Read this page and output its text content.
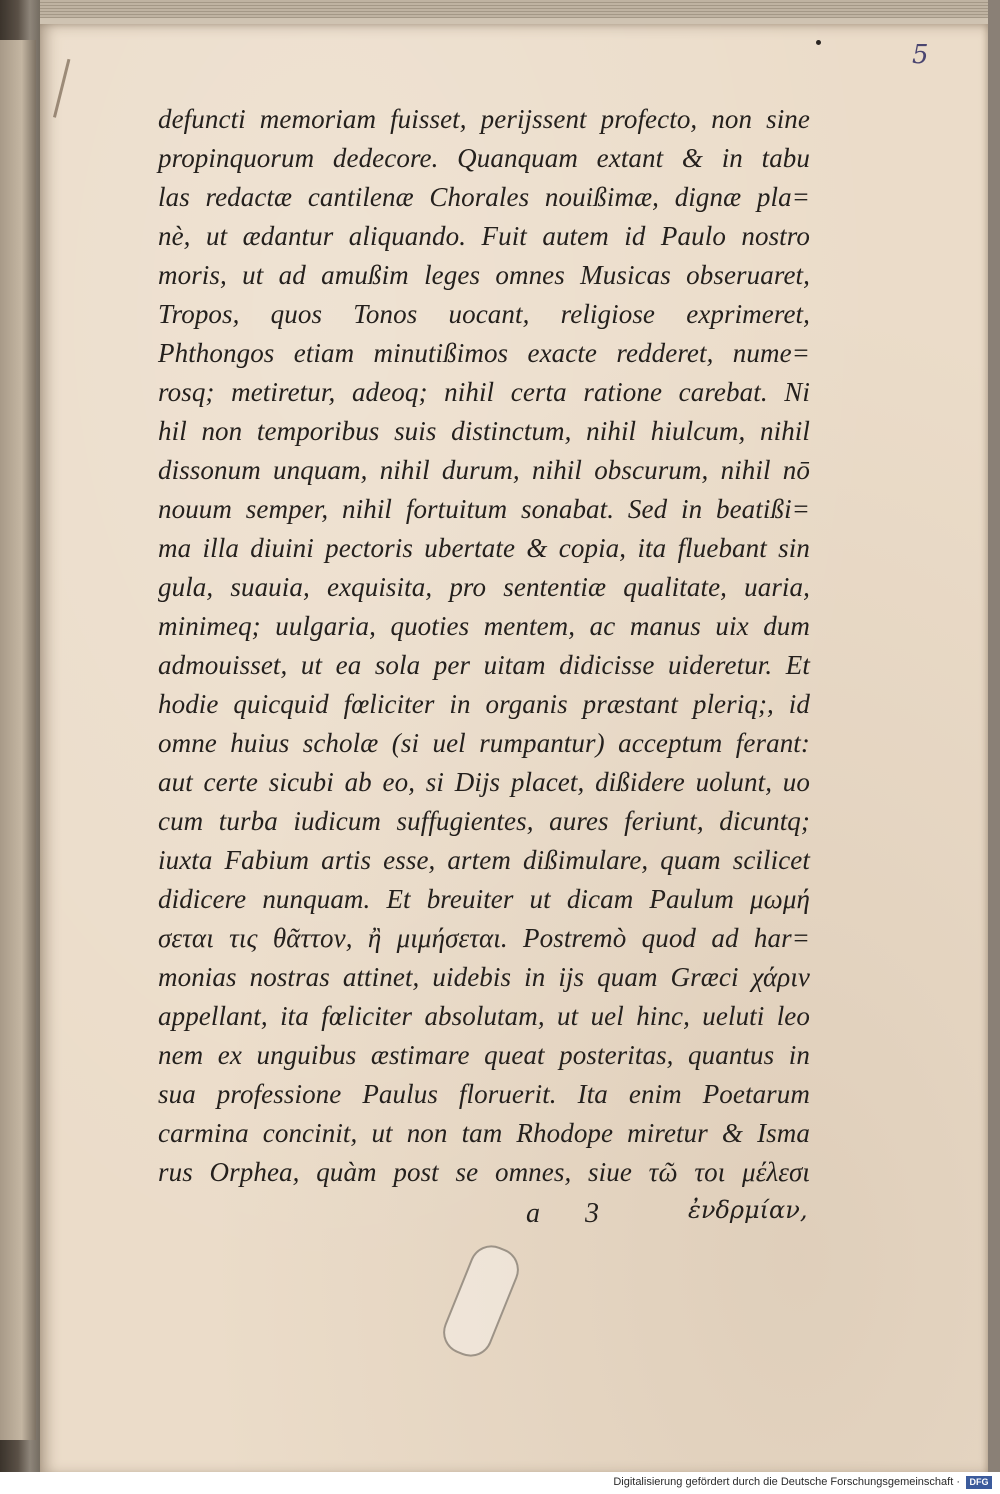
5
defuncti memoriam fuisset, perijssent profecto, non sine
propinquorum dedecore. Quanquam extant & in tabu
las redactæ cantilenæ Chorales nouißimæ, dignæ pla=
nè, ut ædantur aliquando. Fuit autem id Paulo nostro
moris, ut ad amußim leges omnes Musicas obseruaret,
Tropos, quos Tonos uocant, religiose exprimeret,
Phthongos etiam minutißimos exacte redderet, nume=
rosq; metiretur, adeoq; nihil certa ratione carebat. Ni
hil non temporibus suis distinctum, nihil hiulcum, nihil
dissonum unquam, nihil durum, nihil obscurum, nihil nō
nouum semper, nihil fortuitum sonabat. Sed in beatißi=
ma illa diuini pectoris ubertate & copia, ita fluebant sin
gula, suauia, exquisita, pro sententiæ qualitate, uaria,
minimeq; uulgaria, quoties mentem, ac manus uix dum
admouisset, ut ea sola per uitam didicisse uideretur. Et
hodie quicquid fœliciter in organis præstant pleriq;, id
omne huius scholæ (si uel rumpantur) acceptum ferant:
aut certe sicubi ab eo, si Dijs placet, dißidere uolunt, uo
cum turba iudicum suffugientes, aures feriunt, dicuntq;
iuxta Fabium artis esse, artem dißimulare, quam scilicet
didicere nunquam. Et breuiter ut dicam Paulum μωμή
σεται τις θᾶττον, ἢ μιμήσεται. Postremò quod ad har=
monias nostras attinet, uidebis in ijs quam Græci χάριν
appellant, ita fœliciter absolutam, ut uel hinc, ueluti leo
nem ex unguibus æstimare queat posteritas, quantus in
sua professione Paulus floruerit. Ita enim Poetarum
carmina concinit, ut non tam Rhodope miretur & Isma
rus Orphea, quàm post se omnes, siue τῶ τοι μέλεσι
a 3	ἐνδρμίαν,
Digitalisierung gefördert durch die Deutsche Forschungsgemeinschaft ·	DFG
